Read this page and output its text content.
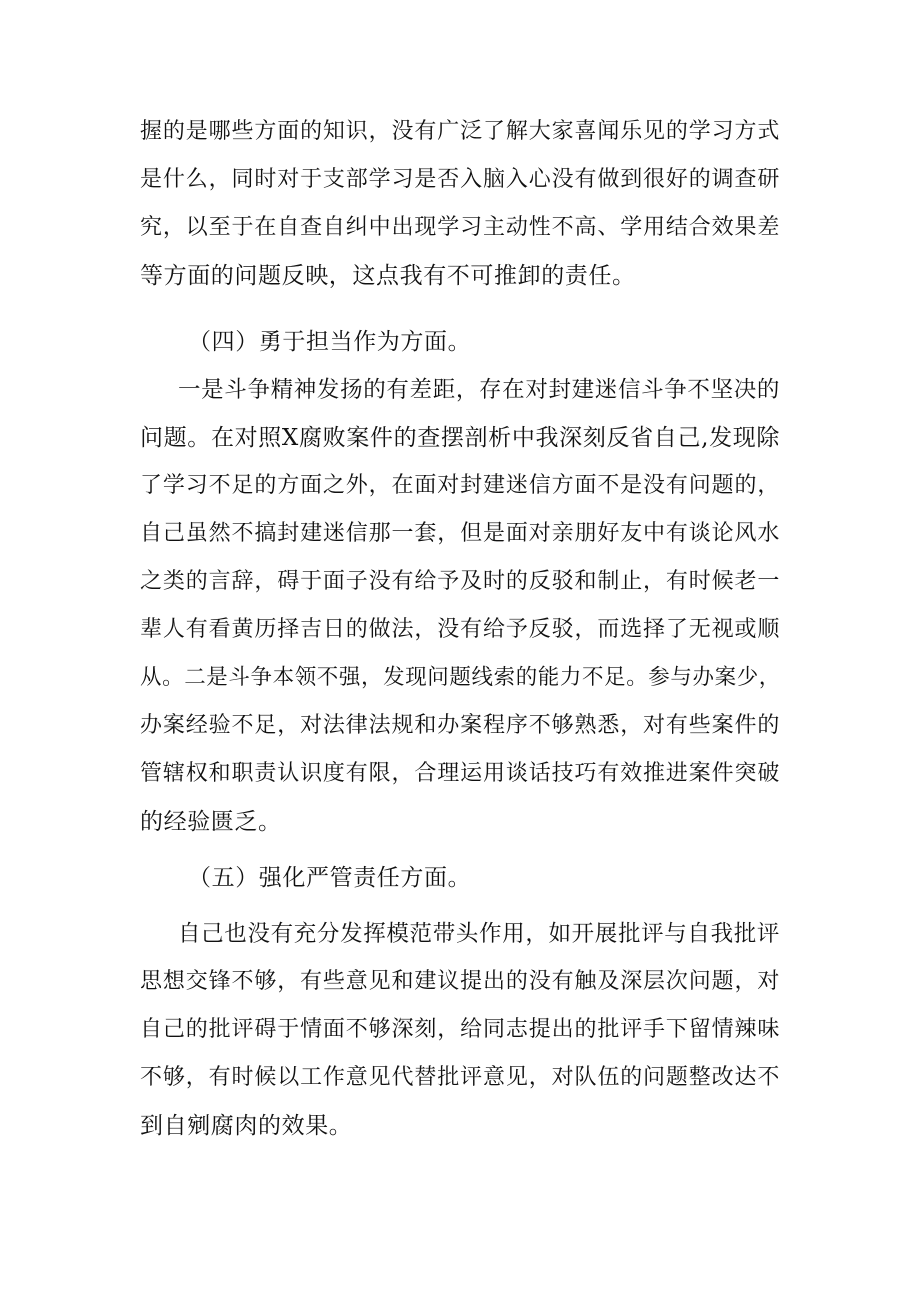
握的是哪些方面的知识，没有广泛了解大家喜闻乐见的学习方式
是什么，同时对于支部学习是否入脑入心没有做到很好的调查研
究，以至于在自查自纠中出现学习主动性不高、学用结合效果差
等方面的问题反映，这点我有不可推卸的责任。
（四）勇于担当作为方面。
一是斗争精神发扬的有差距，存在对封建迷信斗争不坚决的
问题。在对照X腐败案件的查摆剖析中我深刻反省自己,发现除
了学习不足的方面之外，在面对封建迷信方面不是没有问题的，
自己虽然不搞封建迷信那一套，但是面对亲朋好友中有谈论风水
之类的言辞，碍于面子没有给予及时的反驳和制止，有时候老一
辈人有看黄历择吉日的做法，没有给予反驳，而选择了无视或顺
从。二是斗争本领不强，发现问题线索的能力不足。参与办案少，
办案经验不足，对法律法规和办案程序不够熟悉，对有些案件的
管辖权和职责认识度有限，合理运用谈话技巧有效推进案件突破
的经验匮乏。
（五）强化严管责任方面。
自己也没有充分发挥模范带头作用，如开展批评与自我批评
思想交锋不够，有些意见和建议提出的没有触及深层次问题，对
自己的批评碍于情面不够深刻，给同志提出的批评手下留情辣味
不够，有时候以工作意见代替批评意见，对队伍的问题整改达不
到自剜腐肉的效果。
